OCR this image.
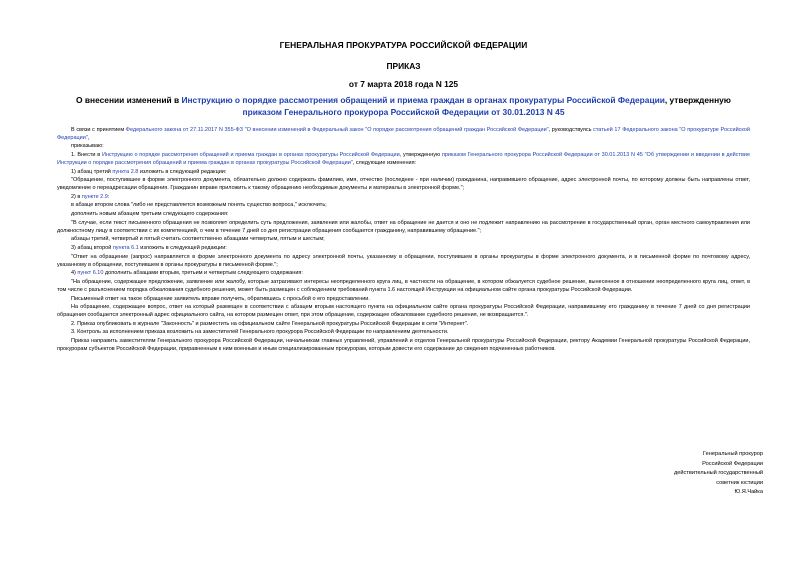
ГЕНЕРАЛЬНАЯ ПРОКУРАТУРА РОССИЙСКОЙ ФЕДЕРАЦИИ
ПРИКАЗ
от 7 марта 2018 года N 125
О внесении изменений в Инструкцию о порядке рассмотрения обращений и приема граждан в органах прокуратуры Российской Федерации, утвержденную приказом Генерального прокурора Российской Федерации от 30.01.2013 N 45

В связи с принятием Федерального закона от 27.11.2017 N 355-ФЗ "О внесении изменений в Федеральный закон "О порядке рассмотрения обращений граждан Российской Федерации", руководствуясь статьей 17 Федерального закона "О прокуратуре Российской Федерации",

приказываю:

1. Внести в Инструкцию о порядке рассмотрения обращений и приема граждан в органах прокуратуры Российской Федерации, утвержденную приказом Генерального прокурора Российской Федерации от 30.01.2013 N 45 "Об утверждении и введении в действие Инструкции о порядке рассмотрения обращений и приема граждан в органах прокуратуры Российской Федерации", следующие изменения:

1) абзац третий пункта 2.8 изложить в следующей редакции:

"Обращение, поступившее в форме электронного документа, обязательно должно содержать фамилию, имя, отчество (последнее - при наличии) гражданина, направившего обращение, адрес электронной почты, по которому должны быть направлены ответ, уведомление о переадресации обращения. Гражданин вправе приложить к такому обращению необходимые документы и материалы в электронной форме.";

2) в пункте 2.9:

в абзаце втором слова "либо не представляется возможным понять существо вопроса," исключить;

дополнить новым абзацем третьим следующего содержания:

"В случае, если текст письменного обращения не позволяет определить суть предложения, заявления или жалобы, ответ на обращение не дается и оно не подлежит направлению на рассмотрение в государственный орган, орган местного самоуправления или должностному лицу в соответствии с их компетенцией, о чем в течение 7 дней со дня регистрации обращения сообщается гражданину, направившему обращение.";

абзацы третий, четвертый и пятый считать соответственно абзацами четвертым, пятым и шестым;

3) абзац второй пункта 6.1 изложить в следующей редакции:

"Ответ на обращение (запрос) направляется в форме электронного документа по адресу электронной почты, указанному в обращении, поступившем в органы прокуратуры в форме электронного документа, и в письменной форме по почтовому адресу, указанному в обращении, поступившем в органы прокуратуры в письменной форме.";

4) пункт 6.10 дополнить абзацами вторым, третьим и четвертым следующего содержания:

"На обращение, содержащее предложение, заявление или жалобу, которые затрагивают интересы неопределенного круга лиц, в частности на обращение, в котором обжалуется судебное решение, вынесенное в отношении неопределенного круга лиц, ответ, в том числе с разъяснением порядка обжалования судебного решения, может быть размещен с соблюдением требований пункта 1.6 настоящей Инструкции на официальном сайте органа прокуратуры Российской Федерации.

Письменный ответ на такое обращение заявитель вправе получить, обратившись с просьбой о его предоставлении.

На обращение, содержащее вопрос, ответ на который размещен в соответствии с абзацем вторым настоящего пункта на официальном сайте органа прокуратуры Российской Федерации, направившему его гражданину в течение 7 дней со дня регистрации обращения сообщается электронный адрес официального сайта, на котором размещен ответ, при этом обращение, содержащее обжалование судебного решения, не возвращается.".

2. Приказ опубликовать в журнале "Законность" и разместить на официальном сайте Генеральной прокуратуры Российской Федерации в сети "Интернет".

3. Контроль за исполнением приказа возложить на заместителей Генерального прокурора Российской Федерации по направлениям деятельности.

Приказ направить заместителям Генерального прокурора Российской Федерации, начальникам главных управлений, управлений и отделов Генеральной прокуратуры Российской Федерации, ректору Академии Генеральной прокуратуры Российской Федерации, прокурорам субъектов Российской Федерации, приравненным к ним военным и иным специализированным прокурорам, которым довести его содержание до сведения подчиненных работников.

Генеральный прокурор
Российской Федерации
действительный государственный
советник юстиции
Ю.Я.Чайка
